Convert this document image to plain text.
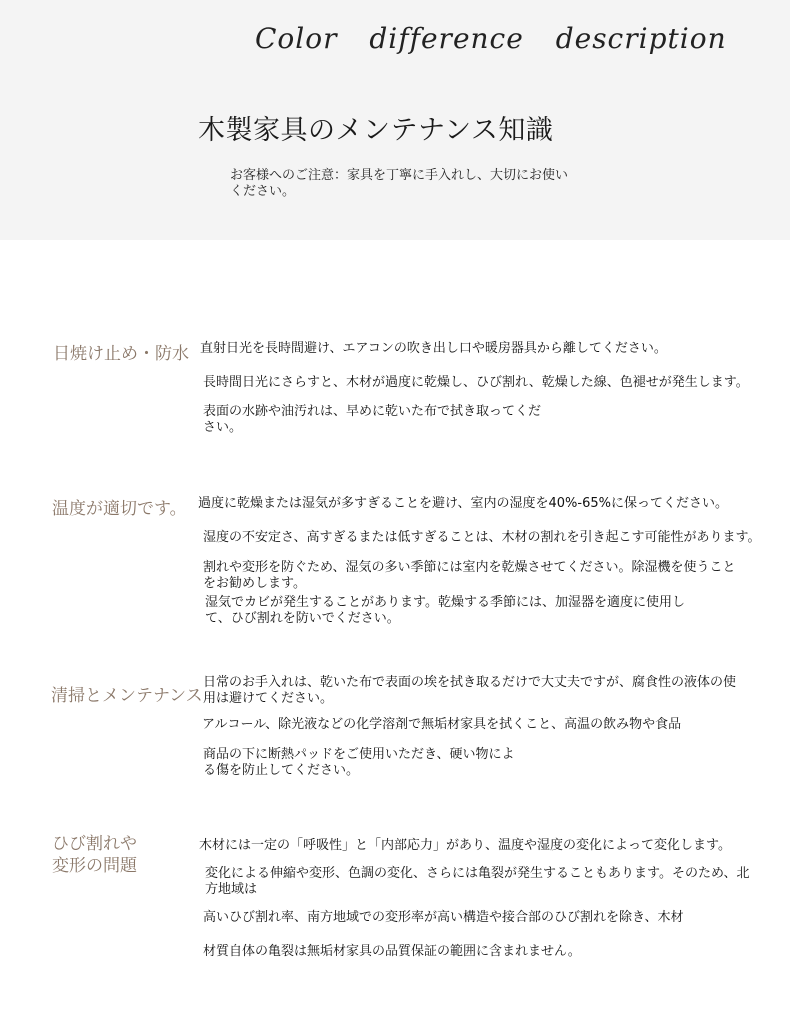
Color difference description
木製家具のメンテナンス知識
お客様へのご注意：家具を丁寧に手入れし、大切にお使いください。
日焼け止め・防水 直射日光を長時間避け、エアコンの吹き出し口や暖房器具から離してください。
長時間日光にさらすと、木材が過度に乾燥し、ひび割れ、乾燥した線、色褪せが発生します。
表面の水跡や油汚れは、早めに乾いた布で拭き取ってください。
温度が適切です。 過度に乾燥または湿気が多すぎることを避け、室内の湿度を40%-65%に保ってください。
湿度の不安定さ、高すぎるまたは低すぎることは、木材の割れを引き起こす可能性があります。
割れや変形を防ぐため、湿気の多い季節には室内を乾燥させてください。除湿機を使うことをお勧めします。
湿気でカビが発生することがあります。乾燥する季節には、加湿器を適度に使用して、ひび割れを防いでください。
清掃とメンテナンス
日常のお手入れは、乾いた布で表面の埃を拭き取るだけで大丈夫ですが、腐食性の液体の使用は避けてください。
アルコール、除光液などの化学溶剤で無垢材家具を拭くこと、高温の飲み物や食品
商品の下に断熱パッドをご使用いただき、硬い物による傷を防止してください。
ひび割れや変形の問題
木材には一定の「呼吸性」と「内部応力」があり、温度や湿度の変化によって変化します。
変化による伸縮や変形、色調の変化、さらには亀裂が発生することもあります。そのため、北方地域は
高いひび割れ率、南方地域での変形率が高い構造や接合部のひび割れを除き、木材
材質自体の亀裂は無垢材家具の品質保証の範囲に含まれません。
